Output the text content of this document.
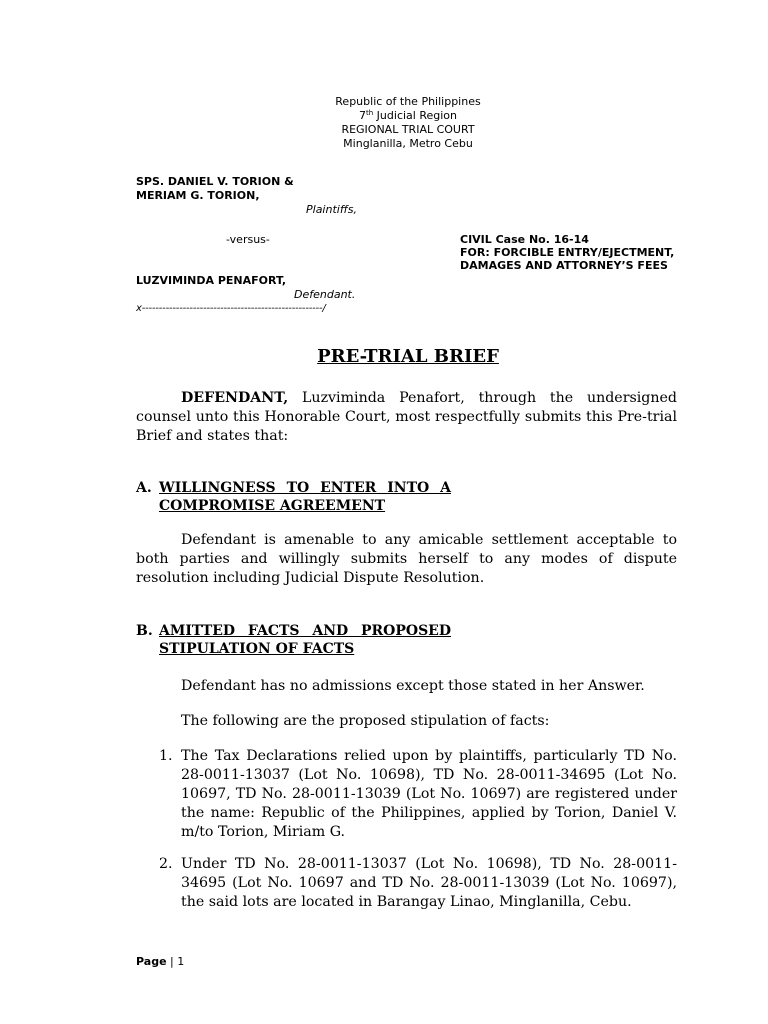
Republic of the Philippines
7th Judicial Region
REGIONAL TRIAL COURT
Minglanilla, Metro Cebu
SPS. DANIEL V. TORION &
MERIAM G. TORION,
Plaintiffs,
-versus-
LUZVIMINDA PENAFORT,
Defendant.
x-----------------------------------------------------/
CIVIL Case No. 16-14
FOR: FORCIBLE ENTRY/EJECTMENT,
DAMAGES AND ATTORNEY’S FEES
PRE-TRIAL BRIEF
DEFENDANT, Luzviminda Penafort, through the undersigned counsel unto this Honorable Court, most respectfully submits this Pre-trial Brief and states that:
A. WILLINGNESS TO ENTER INTO A COMPROMISE AGREEMENT
Defendant is amenable to any amicable settlement acceptable to both parties and willingly submits herself to any modes of dispute resolution including Judicial Dispute Resolution.
B. AMITTED FACTS AND PROPOSED STIPULATION OF FACTS
Defendant has no admissions except those stated in her Answer.
The following are the proposed stipulation of facts:
1. The Tax Declarations relied upon by plaintiffs, particularly TD No. 28-0011-13037 (Lot No. 10698), TD No. 28-0011-34695 (Lot No. 10697, TD No. 28-0011-13039 (Lot No. 10697) are registered under the name: Republic of the Philippines, applied by Torion, Daniel V. m/to Torion, Miriam G.
2. Under TD No. 28-0011-13037 (Lot No. 10698), TD No. 28-0011-34695 (Lot No. 10697 and TD No. 28-0011-13039 (Lot No. 10697), the said lots are located in Barangay Linao, Minglanilla, Cebu.
Page | 1
